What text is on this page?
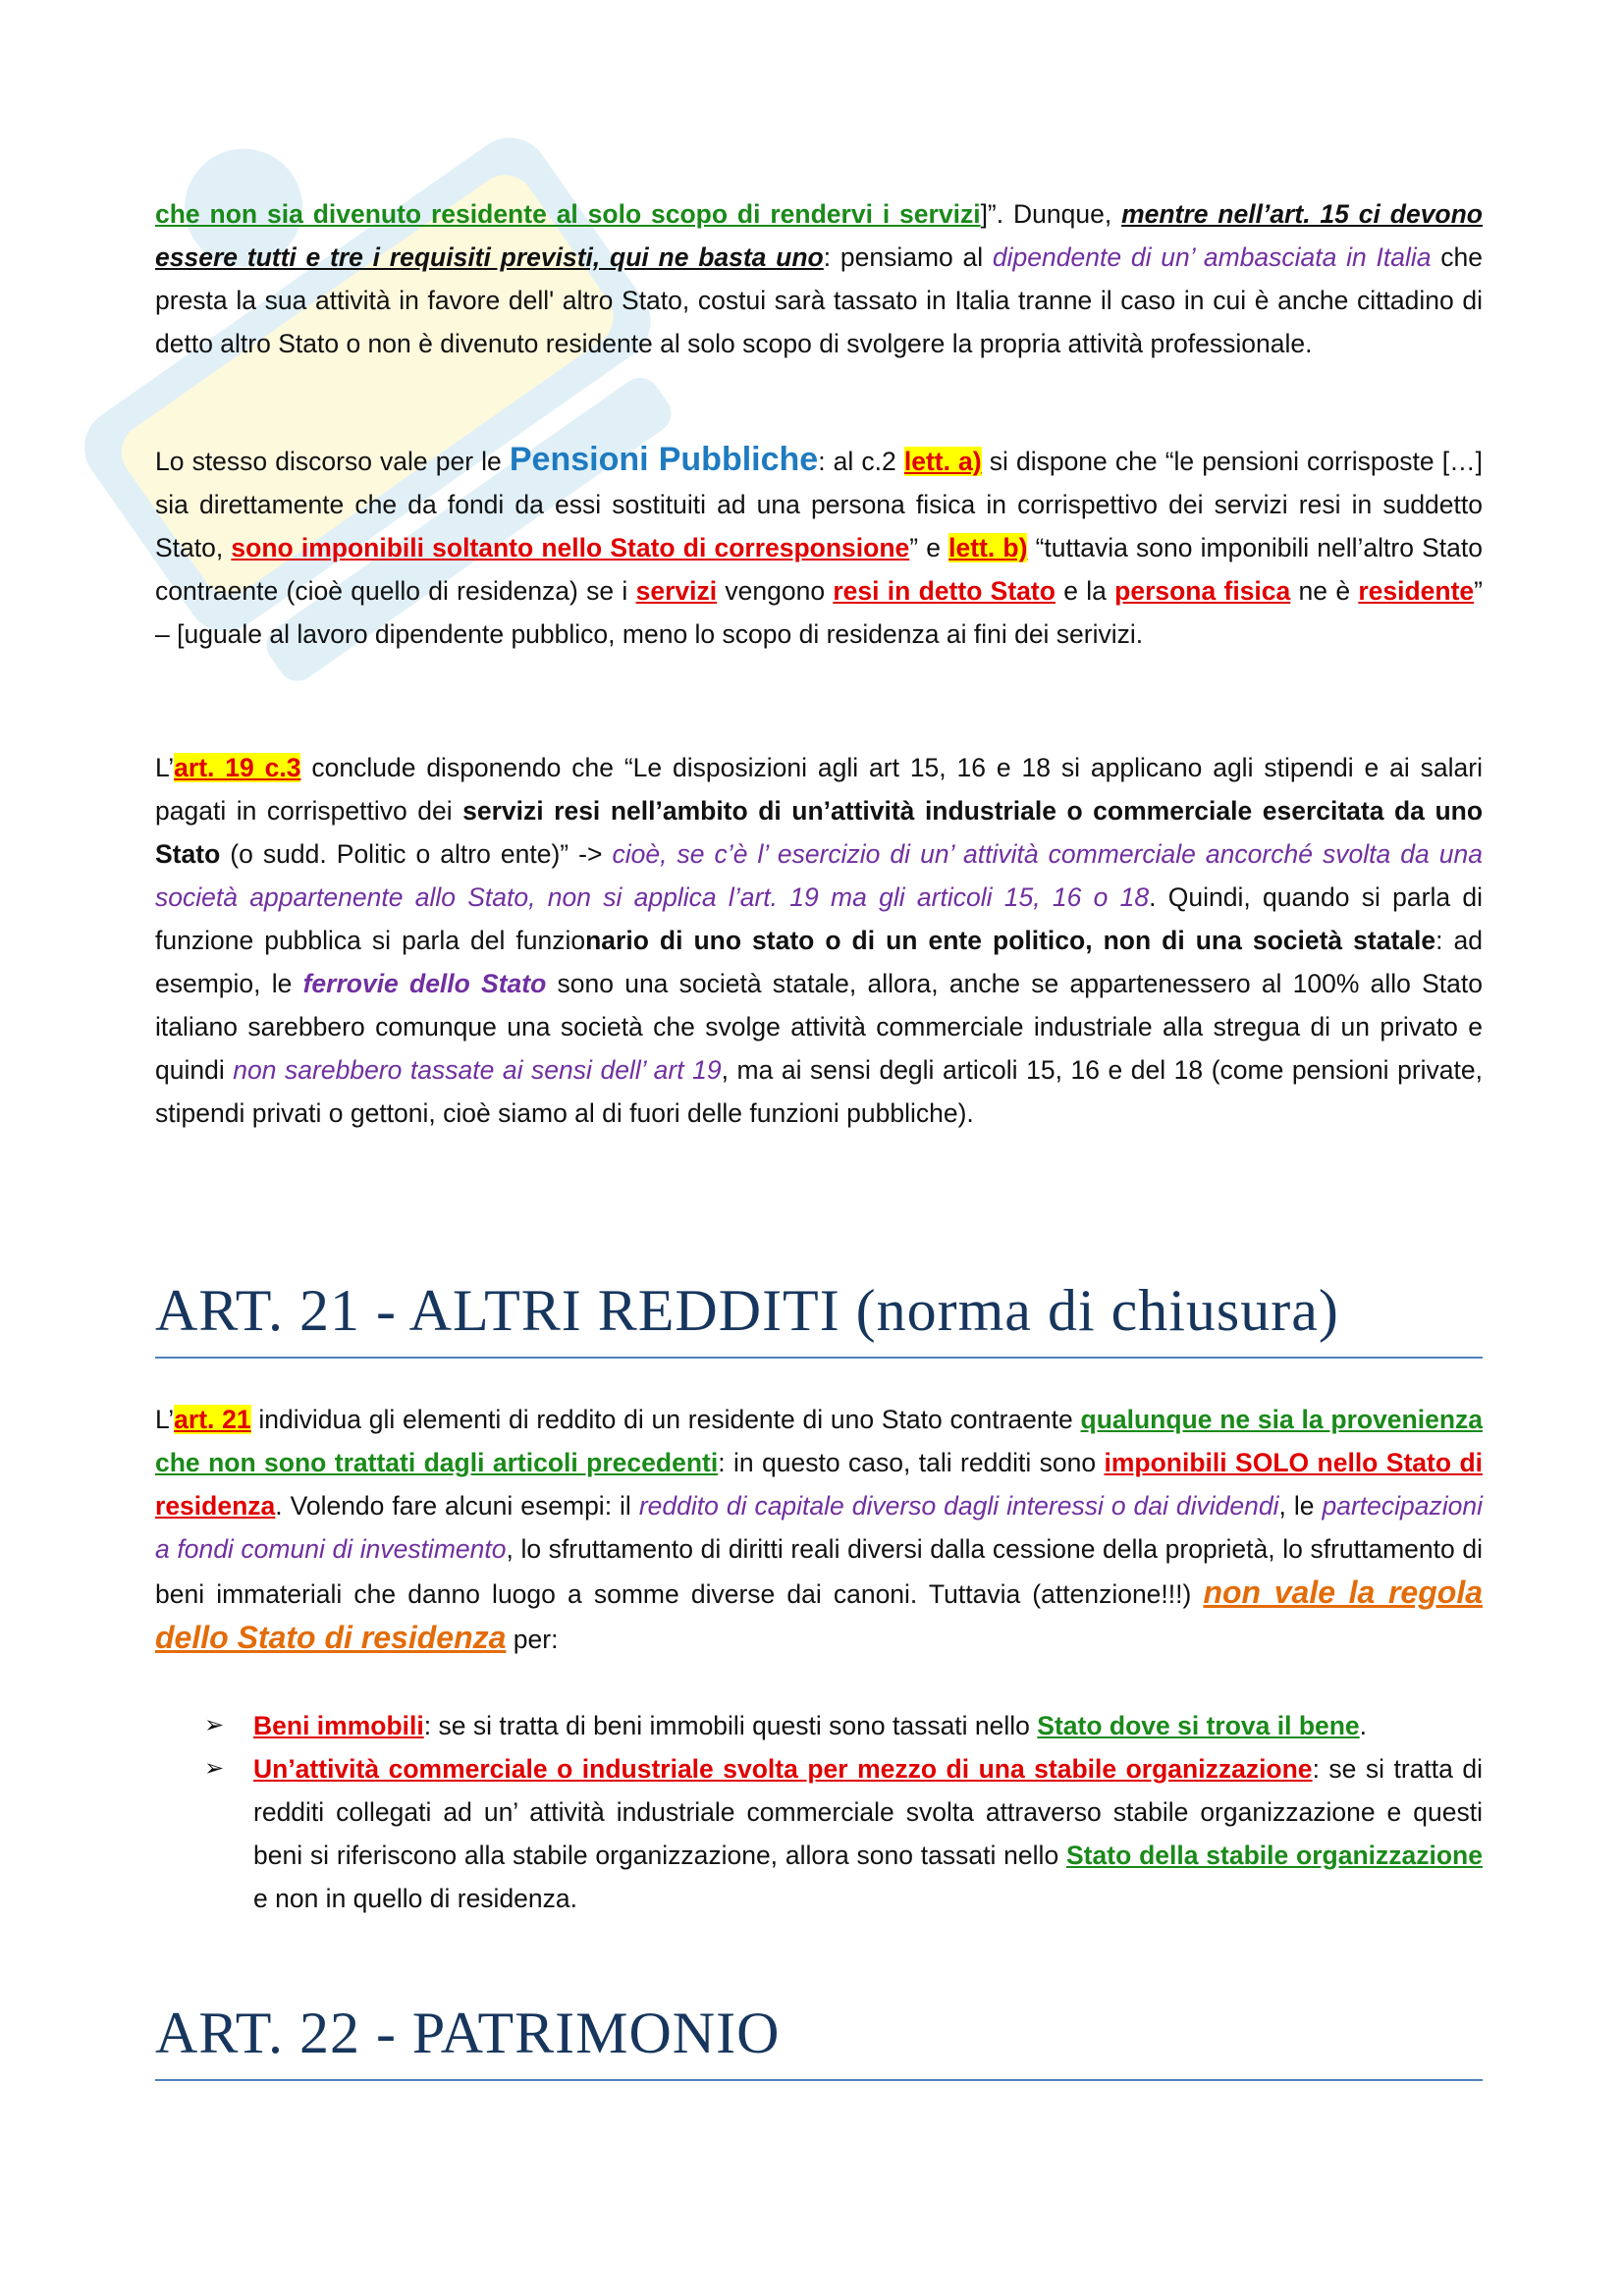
che non sia divenuto residente al solo scopo di rendervi i servizi]”. Dunque, mentre nell’art. 15 ci devono essere tutti e tre i requisiti previsti, qui ne basta uno: pensiamo al dipendente di un’ ambasciata in Italia che presta la sua attività in favore dell' altro Stato, costui sarà tassato in Italia tranne il caso in cui è anche cittadino di detto altro Stato o non è divenuto residente al solo scopo di svolgere la propria attività professionale.

Lo stesso discorso vale per le Pensioni Pubbliche: al c.2 lett. a) si dispone che “le pensioni corrisposte […] sia direttamente che da fondi da essi sostituiti ad una persona fisica in corrispettivo dei servizi resi in suddetto Stato, sono imponibili soltanto nello Stato di corresponsione” e lett. b) “tuttavia sono imponibili nell’altro Stato contraente (cioè quello di residenza) se i servizi vengono resi in detto Stato e la persona fisica ne è residente” – [uguale al lavoro dipendente pubblico, meno lo scopo di residenza ai fini dei serivizi.

L’art. 19 c.3 conclude disponendo che “Le disposizioni agli art 15, 16 e 18 si applicano agli stipendi e ai salari pagati in corrispettivo dei servizi resi nell’ambito di un’attività industriale o commerciale esercitata da uno Stato (o sudd. Politic o altro ente)” -> cioè, se c’è l’ esercizio di un’ attività commerciale ancorché svolta da una società appartenente allo Stato, non si applica l’art. 19 ma gli articoli 15, 16 o 18. Quindi, quando si parla di funzione pubblica si parla del funzionario di uno stato o di un ente politico, non di una società statale: ad esempio, le ferrovie dello Stato sono una società statale, allora, anche se appartenessero al 100% allo Stato italiano sarebbero comunque una società che svolge attività commerciale industriale alla stregua di un privato e quindi non sarebbero tassate ai sensi dell’ art 19, ma ai sensi degli articoli 15, 16 e del 18 (come pensioni private, stipendi privati o gettoni, cioè siamo al di fuori delle funzioni pubbliche).

ART. 21 - ALTRI REDDITI (norma di chiusura)

L’art. 21 individua gli elementi di reddito di un residente di uno Stato contraente qualunque ne sia la provenienza che non sono trattati dagli articoli precedenti: in questo caso, tali redditi sono imponibili SOLO nello Stato di residenza. Volendo fare alcuni esempi: il reddito di capitale diverso dagli interessi o dai dividendi, le partecipazioni a fondi comuni di investimento, lo sfruttamento di diritti reali diversi dalla cessione della proprietà, lo sfruttamento di beni immateriali che danno luogo a somme diverse dai canoni. Tuttavia (attenzione!!!) non vale la regola dello Stato di residenza per:

➢ Beni immobili: se si tratta di beni immobili questi sono tassati nello Stato dove si trova il bene.
➢ Un’attività commerciale o industriale svolta per mezzo di una stabile organizzazione: se si tratta di redditi collegati ad un’ attività industriale commerciale svolta attraverso stabile organizzazione e questi beni si riferiscono alla stabile organizzazione, allora sono tassati nello Stato della stabile organizzazione e non in quello di residenza.
ART. 22 - PATRIMONIO
